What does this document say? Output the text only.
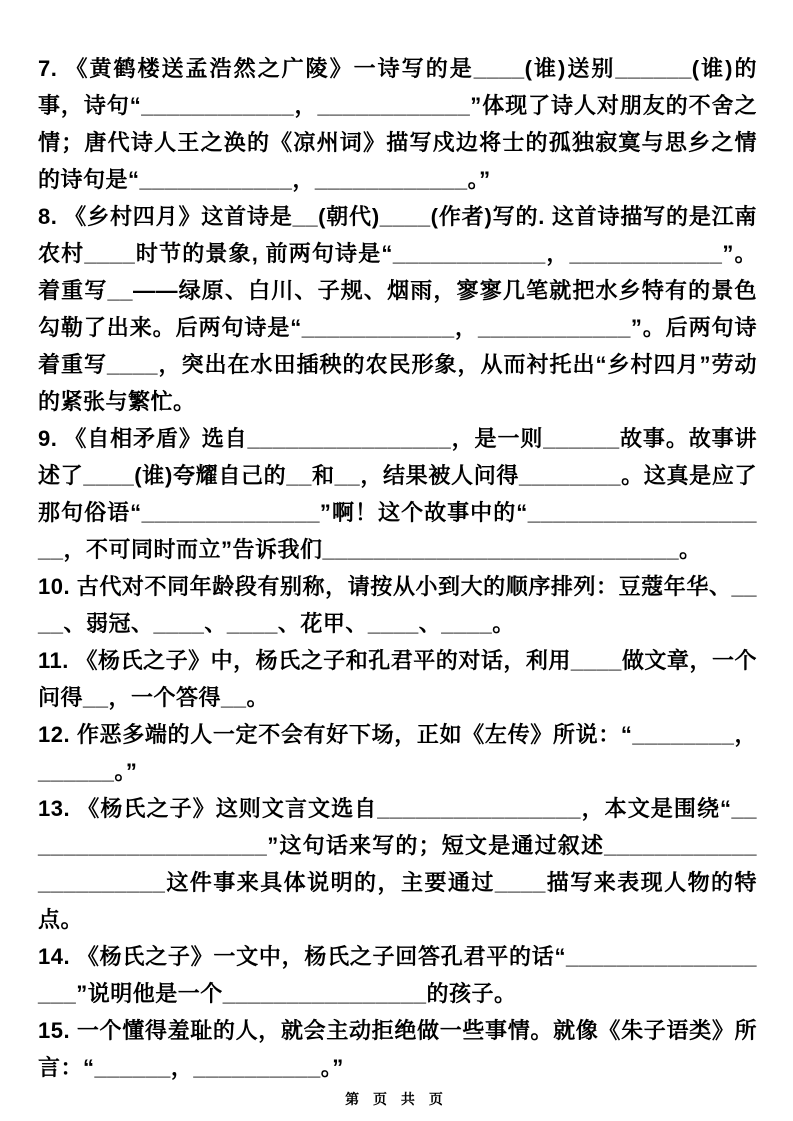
7. 《黄鹤楼送孟浩然之广陵》一诗写的是____(谁)送别______(谁)的事，诗句“____________，____________”体现了诗人对朋友的不舍之情；唐代诗人王之涣的《凉州词》描写戍边将士的孤独寂寞与思乡之情的诗句是“____________，____________。”

8. 《乡村四月》这首诗是__(朝代)____(作者)写的. 这首诗描写的是江南农村____时节的景象, 前两句诗是“____________，____________”。着重写__——绿原、白川、子规、烟雨，寥寥几笔就把水乡特有的景色勾勒了出来。后两句诗是“____________，____________”。后两句诗着重写____，突出在水田插秧的农民形象，从而衬托出“乡村四月”劳动的紧张与繁忙。

9. 《自相矛盾》选自________________，是一则______故事。故事讲述了____(谁)夸耀自己的__和__，结果被人问得________。这真是应了那句俗语“______________”啊！这个故事中的“____________________，不可同时而立”告诉我们____________________________。

10. 古代对不同年龄段有别称，请按从小到大的顺序排列：豆蔻年华、____、弱冠、____、____、花甲、____、____。

11. 《杨氏之子》中，杨氏之子和孔君平的对话，利用____做文章，一个问得__，一个答得__。

12. 作恶多端的人一定不会有好下场，正如《左传》所说：“________，______。”

13. 《杨氏之子》这则文言文选自________________，本文是围绕“____________________”这句话来写的；短文是通过叙述______________________这件事来具体说明的，主要通过____描写来表现人物的特点。

14. 《杨氏之子》一文中，杨氏之子回答孔君平的话“__________________”说明他是一个________________的孩子。

15. 一个懂得羞耻的人，就会主动拒绝做一些事情。就像《朱子语类》所言：“______，__________。”

第 页 共 页
